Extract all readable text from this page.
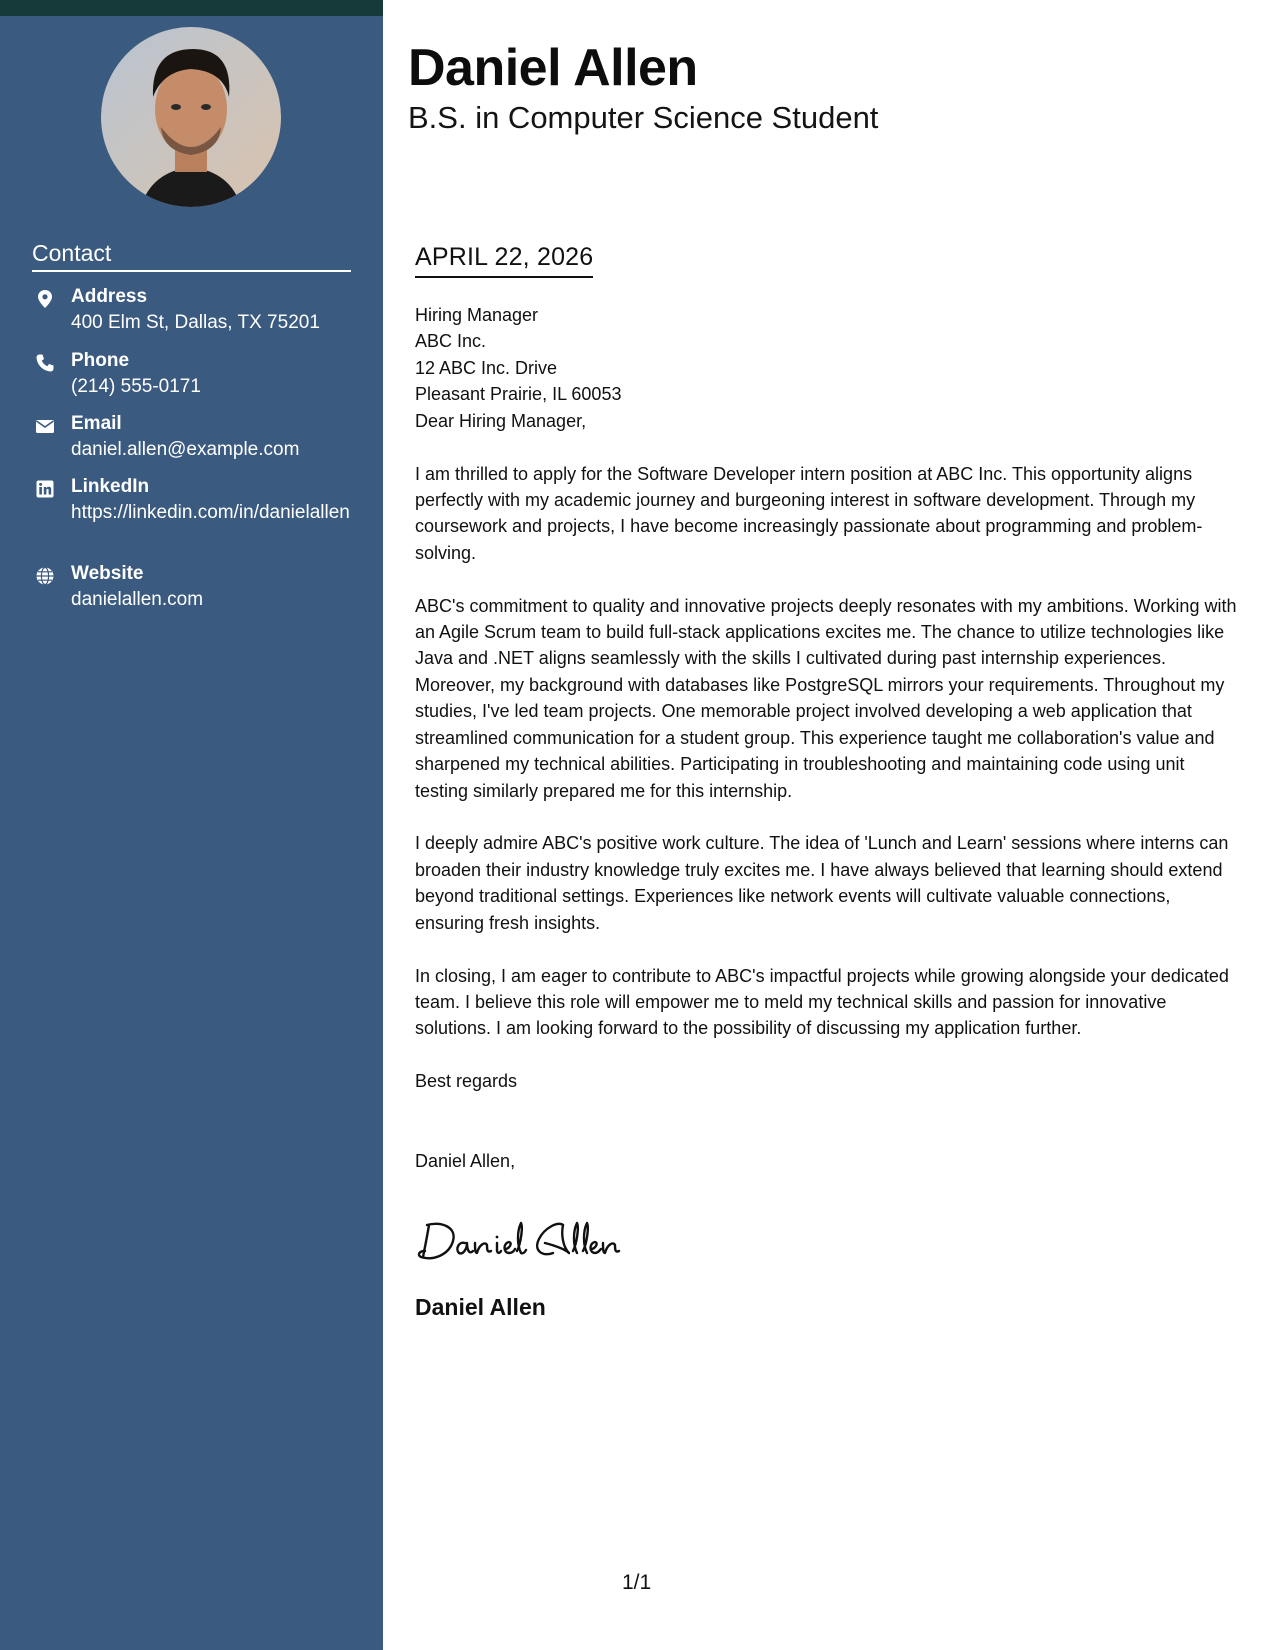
Contact
Address
400 Elm St, Dallas, TX 75201
Phone
(214) 555-0171
Email
daniel.allen@example.com
LinkedIn
https://linkedin.com/in/danielallen
Website
danielallen.com
Daniel Allen
B.S. in Computer Science Student
APRIL 22, 2026
Hiring Manager
ABC Inc.
12 ABC Inc. Drive
Pleasant Prairie, IL 60053
Dear Hiring Manager,

I am thrilled to apply for the Software Developer intern position at ABC Inc. This opportunity aligns perfectly with my academic journey and burgeoning interest in software development. Through my coursework and projects, I have become increasingly passionate about programming and problem-solving.

ABC's commitment to quality and innovative projects deeply resonates with my ambitions. Working with an Agile Scrum team to build full-stack applications excites me. The chance to utilize technologies like Java and .NET aligns seamlessly with the skills I cultivated during past internship experiences. Moreover, my background with databases like PostgreSQL mirrors your requirements. Throughout my studies, I've led team projects. One memorable project involved developing a web application that streamlined communication for a student group. This experience taught me collaboration's value and sharpened my technical abilities. Participating in troubleshooting and maintaining code using unit testing similarly prepared me for this internship.

I deeply admire ABC's positive work culture. The idea of 'Lunch and Learn' sessions where interns can broaden their industry knowledge truly excites me. I have always believed that learning should extend beyond traditional settings. Experiences like network events will cultivate valuable connections, ensuring fresh insights.

In closing, I am eager to contribute to ABC's impactful projects while growing alongside your dedicated team. I believe this role will empower me to meld my technical skills and passion for innovative solutions. I am looking forward to the possibility of discussing my application further.

Best regards
Daniel Allen,
Daniel Allen
1/1
